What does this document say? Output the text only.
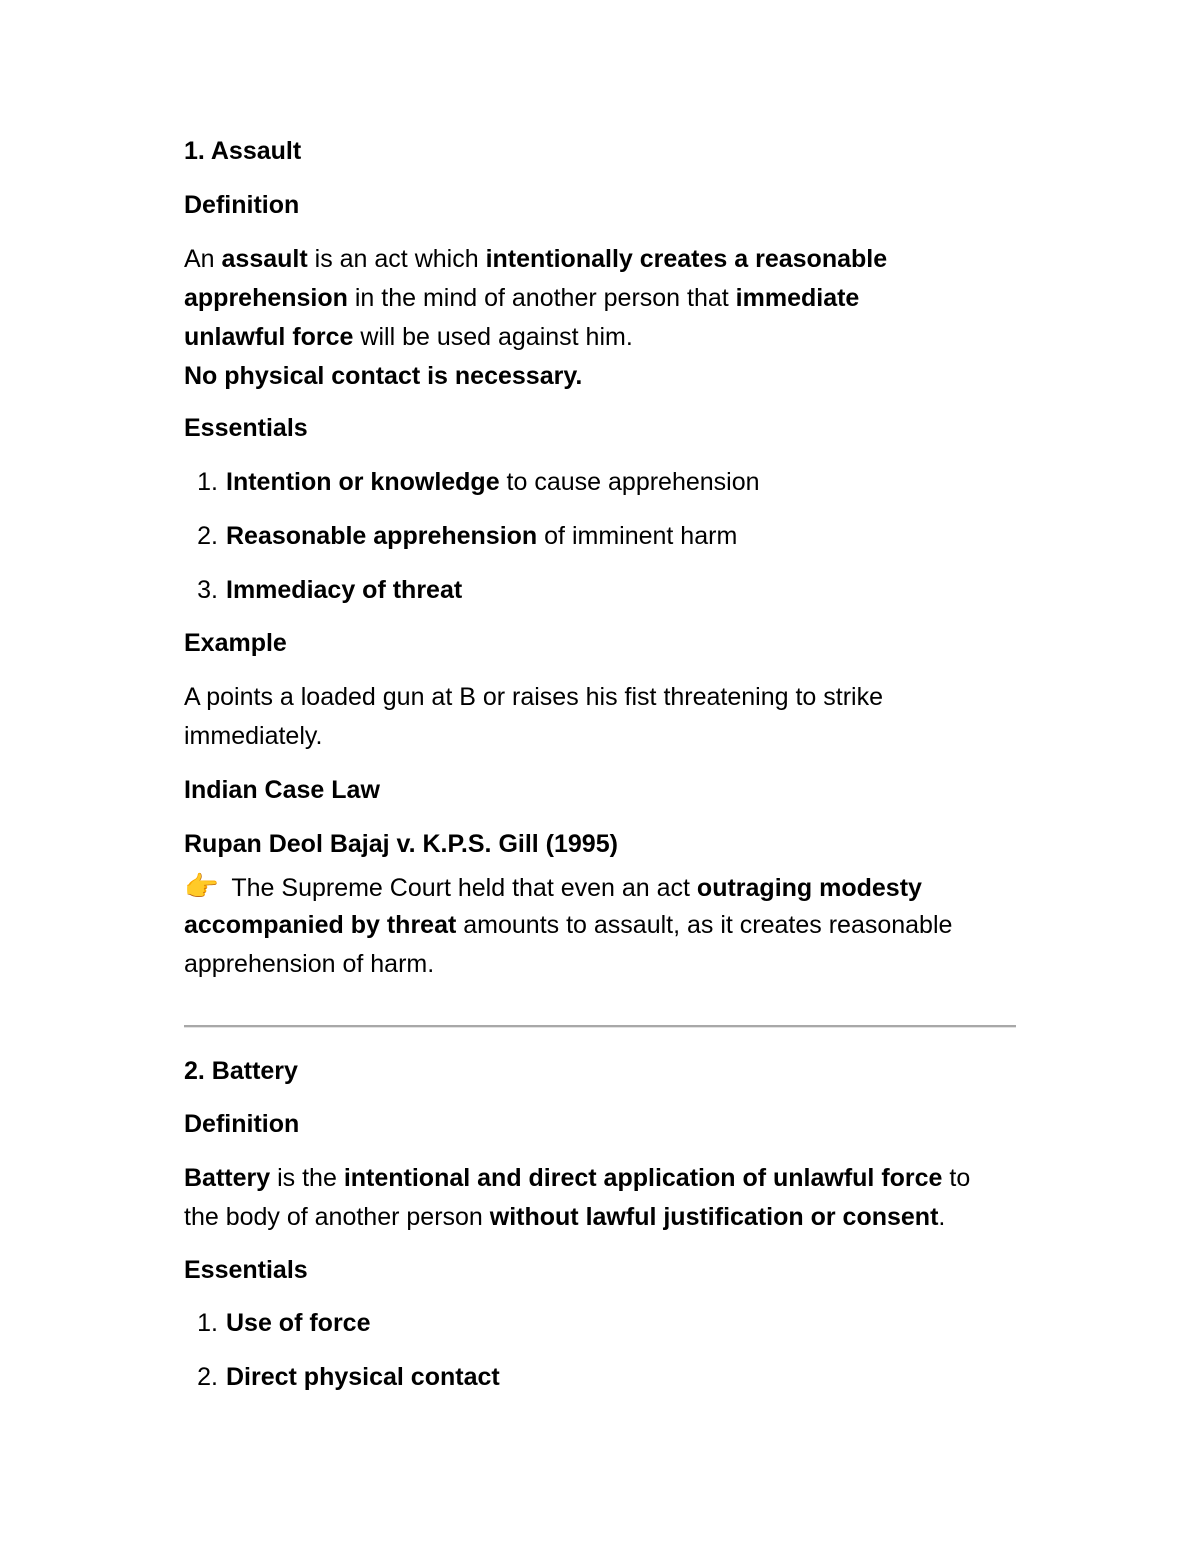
1. Assault
Definition
An assault is an act which intentionally creates a reasonable
apprehension in the mind of another person that immediate
unlawful force will be used against him.
No physical contact is necessary.
Essentials
1. Intention or knowledge to cause apprehension
2. Reasonable apprehension of imminent harm
3. Immediacy of threat
Example
A points a loaded gun at B or raises his fist threatening to strike
immediately.
Indian Case Law
Rupan Deol Bajaj v. K.P.S. Gill (1995)
👉 The Supreme Court held that even an act outraging modesty
accompanied by threat amounts to assault, as it creates reasonable
apprehension of harm.
2. Battery
Definition
Battery is the intentional and direct application of unlawful force to
the body of another person without lawful justification or consent.
Essentials
1. Use of force
2. Direct physical contact
